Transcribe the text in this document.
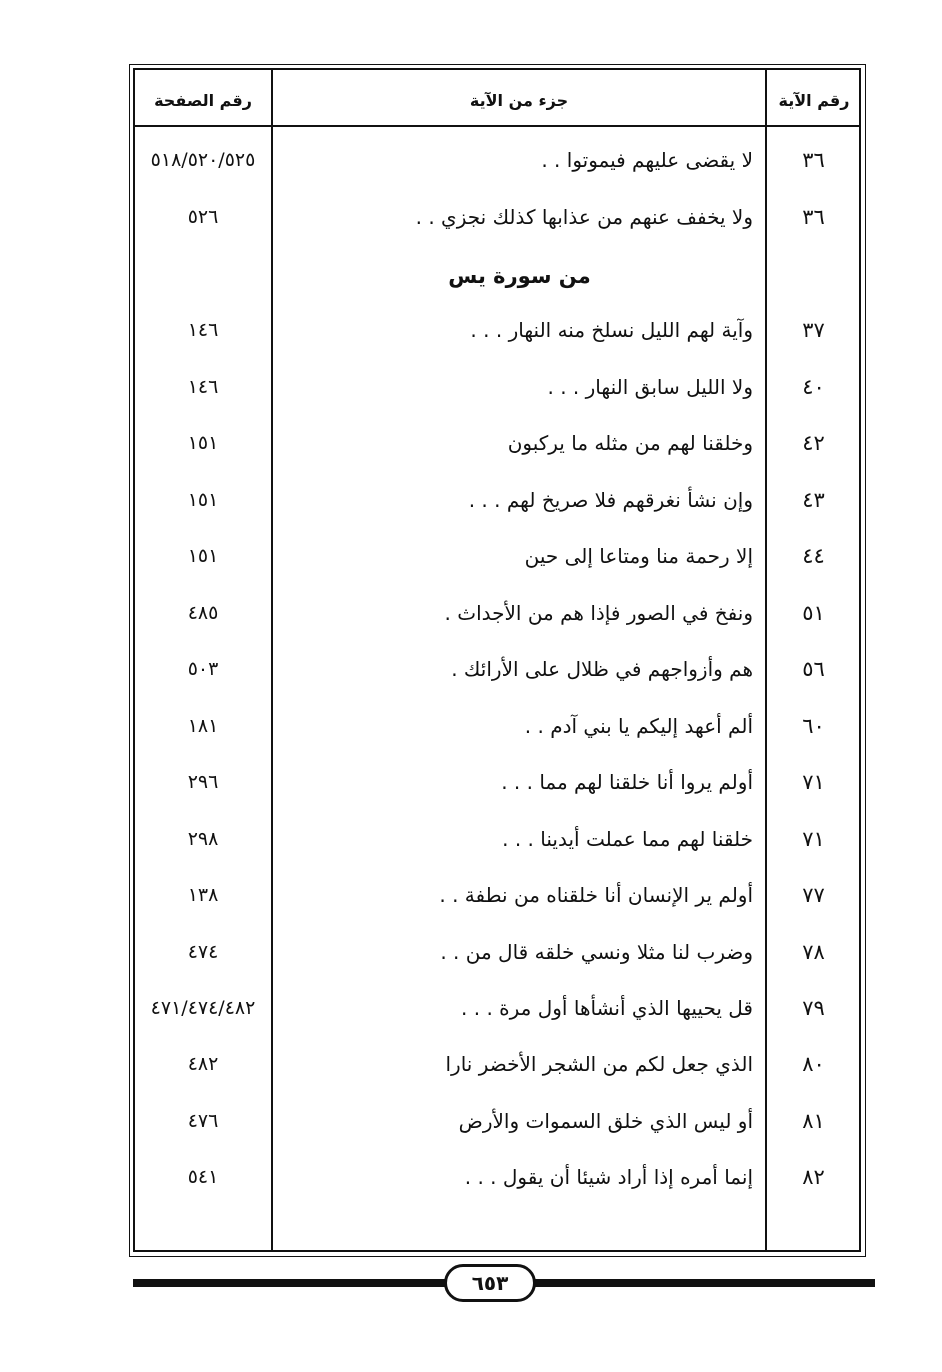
رقم الآية
جزء من الآية
رقم الصفحة
٣٦
لا يقضى عليهم فيموتوا . .
٥١٨/٥٢٠/٥٢٥
٣٦
ولا يخفف عنهم من عذابها كذلك نجزي . .
٥٢٦
من سورة يس
٣٧
وآية لهم الليل نسلخ منه النهار . . .
١٤٦
٤٠
ولا الليل سابق النهار . . .
١٤٦
٤٢
وخلقنا لهم من مثله ما يركبون
١٥١
٤٣
وإن نشأ نغرقهم فلا صريخ لهم . . .
١٥١
٤٤
إلا رحمة منا ومتاعا إلى حين
١٥١
٥١
ونفخ في الصور فإذا هم من الأجداث .
٤٨٥
٥٦
هم وأزواجهم في ظلال على الأرائك .
٥٠٣
٦٠
ألم أعهد إليكم يا بني آدم . .
١٨١
٧١
أولم يروا أنا خلقنا لهم مما . . .
٢٩٦
٧١
خلقنا لهم مما عملت أيدينا . . .
٢٩٨
٧٧
أولم ير الإنسان أنا خلقناه من نطفة . .
١٣٨
٧٨
وضرب لنا مثلا ونسي خلقه قال من . .
٤٧٤
٧٩
قل يحييها الذي أنشأها أول مرة . . .
٤٧١/٤٧٤/٤٨٢
٨٠
الذي جعل لكم من الشجر الأخضر نارا
٤٨٢
٨١
أو ليس الذي خلق السموات والأرض
٤٧٦
٨٢
إنما أمره إذا أراد شيئا أن يقول . . .
٥٤١
٦٥٣
